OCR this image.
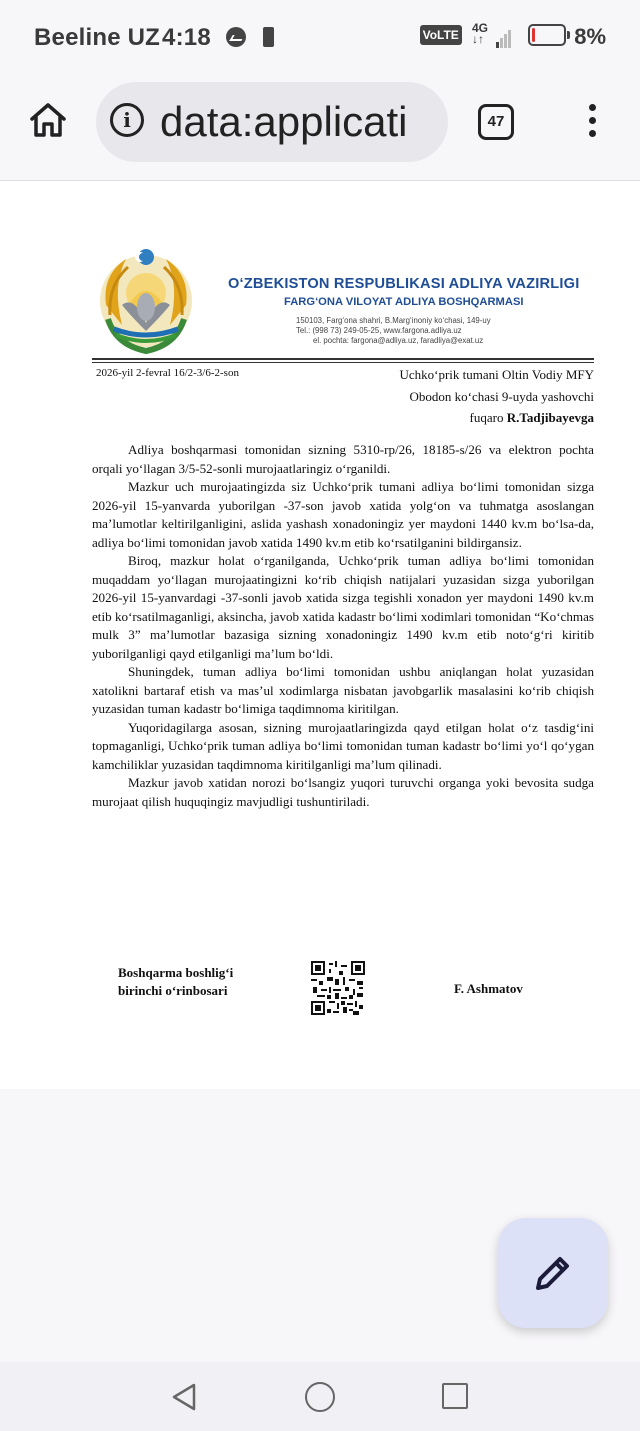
Beeline UZ4:18	VoLTE 4G
↓↑	8%
i
data:applicati	47
O‘ZBEKISTON RESPUBLIKASI ADLIYA VAZIRLIGI
FARG‘ONA VILOYAT ADLIYA BOSHQARMASI
150103, Farg‘ona shahri, B.Marg‘inoniy ko‘chasi, 149-uy
Tel.: (998 73) 249-05-25, www.fargona.adliya.uz
el. pochta: fargona@adliya.uz, faradliya@exat.uz
2026-yil 2-fevral 16/2-3/6-2-son	Uchko‘prik tumani Oltin Vodiy MFY
Obodon ko‘chasi 9-uyda yashovchi
fuqaro R.Tadjibayevga

Adliya boshqarmasi tomonidan sizning 5310-rp/26, 18185-s/26 va elektron pochta orqali yo‘llagan 3/5-52-sonli murojaatlaringiz o‘rganildi.

Mazkur uch murojaatingizda siz Uchko‘prik tumani adliya bo‘limi tomonidan sizga 2026-yil 15-yanvarda yuborilgan -37-son javob xatida yolg‘on va tuhmatga asoslangan ma’lumotlar keltirilganligini, aslida yashash xonadoningiz yer maydoni 1440 kv.m bo‘lsa-da, adliya bo‘limi tomonidan javob xatida 1490 kv.m etib ko‘rsatilganini bildirgansiz.

Biroq, mazkur holat o‘rganilganda, Uchko‘prik tuman adliya bo‘limi tomonidan muqaddam yo‘llagan murojaatingizni ko‘rib chiqish natijalari yuzasidan sizga yuborilgan 2026-yil 15-yanvardagi -37-sonli javob xatida sizga tegishli xonadon yer maydoni 1490 kv.m etib ko‘rsatilmaganligi, aksincha, javob xatida kadastr bo‘limi xodimlari tomonidan “Ko‘chmas mulk 3” ma’lumotlar bazasiga sizning xonadoningiz 1490 kv.m etib noto‘g‘ri kiritib yuborilganligi qayd etilganligi ma’lum bo‘ldi.

Shuningdek, tuman adliya bo‘limi tomonidan ushbu aniqlangan holat yuzasidan xatolikni bartaraf etish va mas’ul xodimlarga nisbatan javobgarlik masalasini ko‘rib chiqish yuzasidan tuman kadastr bo‘limiga taqdimnoma kiritilgan.

Yuqoridagilarga asosan, sizning murojaatlaringizda qayd etilgan holat o‘z tasdig‘ini topmaganligi, Uchko‘prik tuman adliya bo‘limi tomonidan tuman kadastr bo‘limi yo‘l qo‘ygan kamchiliklar yuzasidan taqdimnoma kiritilganligi ma’lum qilinadi.

Mazkur javob xatidan norozi bo‘lsangiz yuqori turuvchi organga yoki bevosita sudga murojaat qilish huquqingiz mavjudligi tushuntiriladi.

Boshqarma boshlig‘i
birinchi o‘rinbosari	F. Ashmatov
